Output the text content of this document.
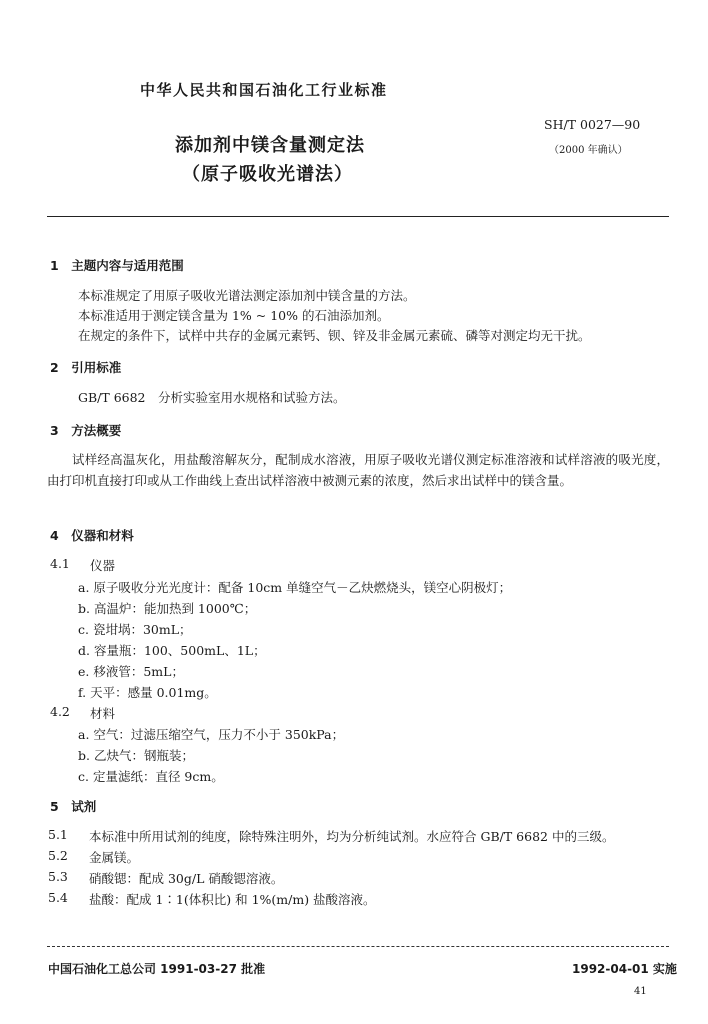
中华人民共和国石油化工行业标准
SH/T 0027—90
（2000 年确认）
添加剂中镁含量测定法
（原子吸收光谱法）
1　主题内容与适用范围
本标准规定了用原子吸收光谱法测定添加剂中镁含量的方法。
本标准适用于测定镁含量为 1% ~ 10% 的石油添加剂。
在规定的条件下，试样中共存的金属元素钙、钡、锌及非金属元素硫、磷等对测定均无干扰。
2　引用标准
GB/T 6682　分析实验室用水规格和试验方法。
3　方法概要
试样经高温灰化，用盐酸溶解灰分，配制成水溶液，用原子吸收光谱仪测定标准溶液和试样溶液的吸光度，由打印机直接打印或从工作曲线上查出试样溶液中被测元素的浓度，然后求出试样中的镁含量。
4　仪器和材料
4.1 仪器
a. 原子吸收分光光度计：配备 10cm 单缝空气－乙炔燃烧头，镁空心阴极灯；
b. 高温炉：能加热到 1000℃；
c. 瓷坩埚：30mL；
d. 容量瓶：100、500mL、1L；
e. 移液管：5mL；
f. 天平：感量 0.01mg。
4.2 材料
a. 空气：过滤压缩空气，压力不小于 350kPa；
b. 乙炔气：钢瓶装；
c. 定量滤纸：直径 9cm。
5　试剂
5.1 本标准中所用试剂的纯度，除特殊注明外，均为分析纯试剂。水应符合 GB/T 6682 中的三级。
5.2 金属镁。
5.3 硝酸锶：配成 30g/L 硝酸锶溶液。
5.4 盐酸：配成 1∶1(体积比) 和 1%(m/m) 盐酸溶液。
中国石油化工总公司 1991-03-27 批准	1992-04-01 实施
41
